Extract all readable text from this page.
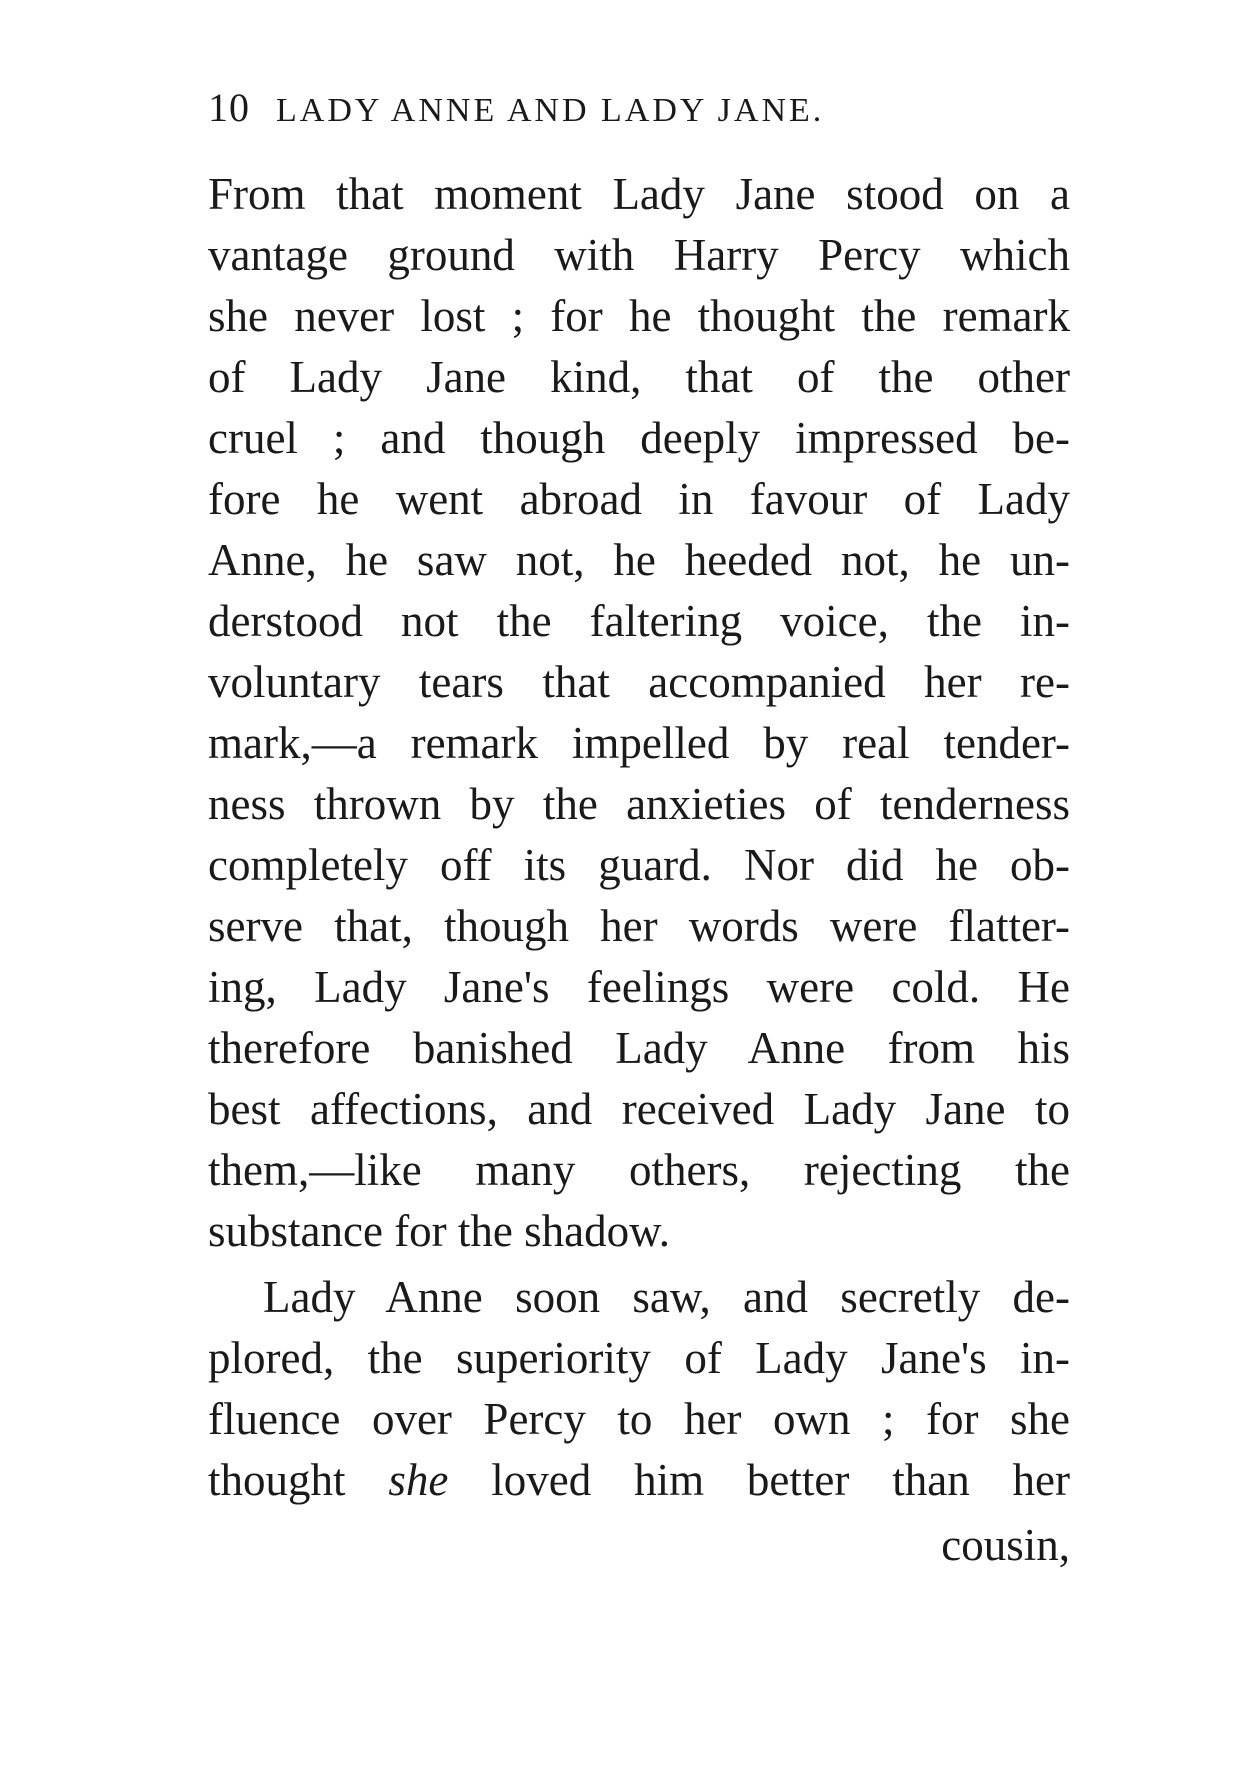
10 LADY ANNE AND LADY JANE.
From that moment Lady Jane stood on a
vantage ground with Harry Percy which
she never lost ; for he thought the remark
of Lady Jane kind, that of the other
cruel ; and though deeply impressed be-
fore he went abroad in favour of Lady
Anne, he saw not, he heeded not, he un-
derstood not the faltering voice, the in-
voluntary tears that accompanied her re-
mark,—a remark impelled by real tender-
ness thrown by the anxieties of tenderness
completely off its guard. Nor did he ob-
serve that, though her words were flatter-
ing, Lady Jane's feelings were cold. He
therefore banished Lady Anne from his
best affections, and received Lady Jane to
them,—like many others, rejecting the
substance for the shadow.
Lady Anne soon saw, and secretly de-
plored, the superiority of Lady Jane's in-
fluence over Percy to her own ; for she
thought she loved him better than her
cousin,
